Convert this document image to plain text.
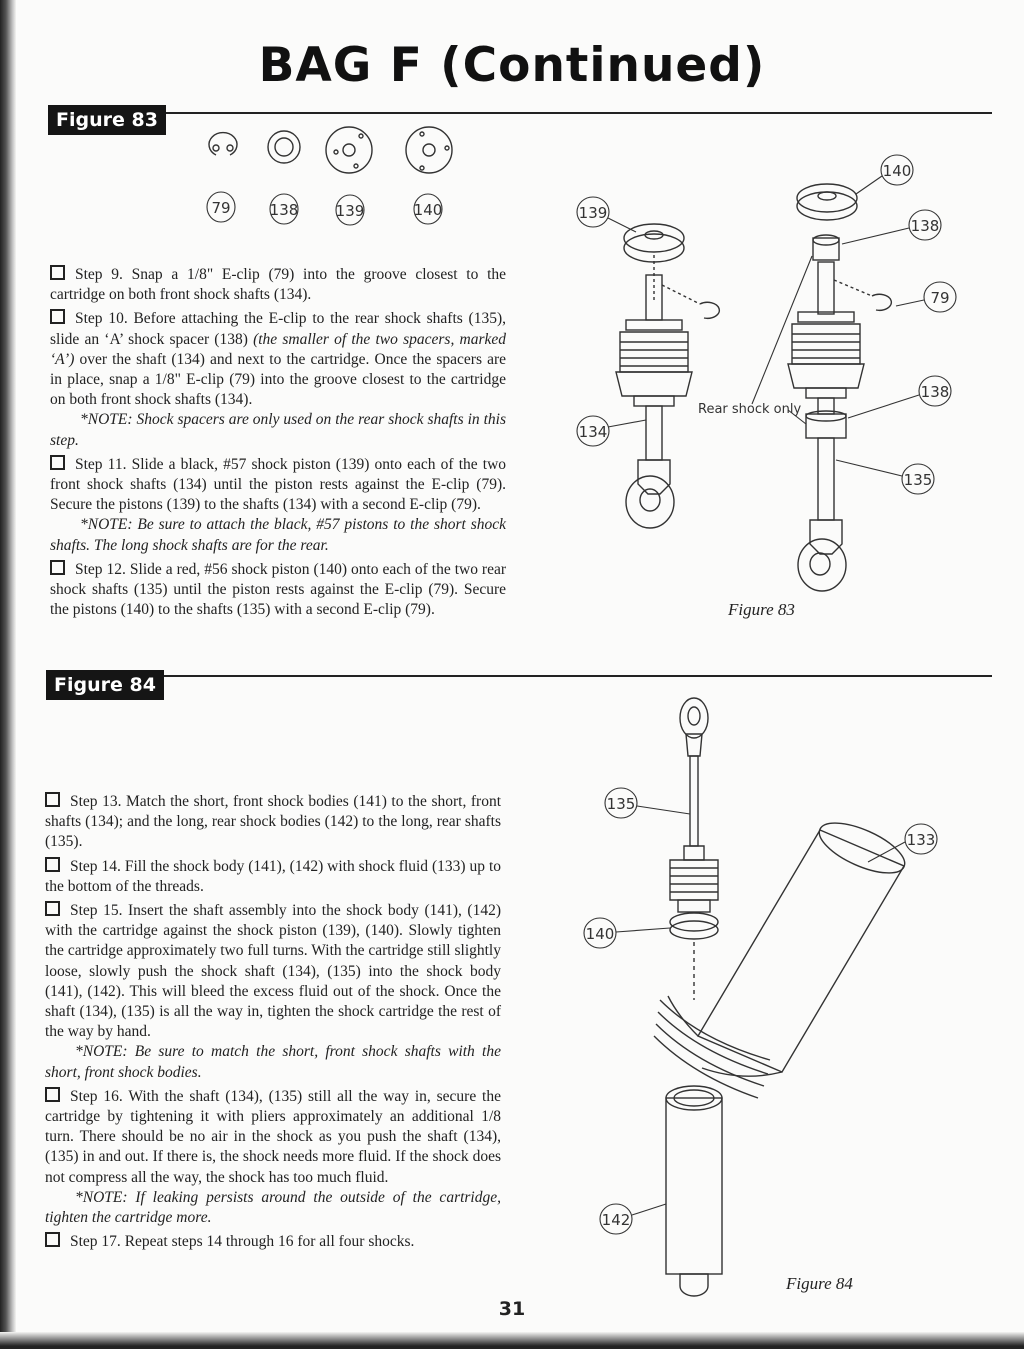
BAG F (Continued)
Figure 83
Figure 84
Step 9. Snap a 1/8" E-clip (79) into the groove closest to the cartridge on both front shock shafts (134).
Step 10. Before attaching the E-clip to the rear shock shafts (135), slide an ‘A’ shock spacer (138) (the smaller of the two spacers, marked ‘A’) over the shaft (134) and next to the cartridge. Once the spacers are in place, snap a 1/8" E-clip (79) into the groove closest to the cartridge on both front shock shafts (134).
*NOTE: Shock spacers are only used on the rear shock shafts in this step.
Step 11. Slide a black, #57 shock piston (139) onto each of the two front shock shafts (134) until the piston rests against the E-clip (79). Secure the pistons (139) to the shafts (134) with a second E-clip (79).
*NOTE: Be sure to attach the black, #57 pistons to the short shock shafts. The long shock shafts are for the rear.
Step 12. Slide a red, #56 shock piston (140) onto each of the two rear shock shafts (135) until the piston rests against the E-clip (79). Secure the pistons (140) to the shafts (135) with a second E-clip (79).
Step 13. Match the short, front shock bodies (141) to the short, front shafts (134); and the long, rear shock bodies (142) to the long, rear shafts (135).
Step 14. Fill the shock body (141), (142) with shock fluid (133) up to the bottom of the threads.
Step 15. Insert the shaft assembly into the shock body (141), (142) with the cartridge against the shock piston (139), (140). Slowly tighten the cartridge approximately two full turns. With the cartridge still slightly loose, slowly push the shock shaft (134), (135) into the shock body (141), (142). This will bleed the excess fluid out of the shock. Once the shaft (134), (135) is all the way in, tighten the shock cartridge the rest of the way by hand.
*NOTE: Be sure to match the short, front shock shafts with the short, front shock bodies.
Step 16. With the shaft (134), (135) still all the way in, secure the cartridge by tightening it with pliers approximately an additional 1/8 turn. There should be no air in the shock as you push the shaft (134), (135) in and out. If there is, the shock needs more fluid. If the shock does not compress all the way, the shock has too much fluid.
*NOTE: If leaking persists around the outside of the cartridge, tighten the cartridge more.
Step 17. Repeat steps 14 through 16 for all four shocks.
79	138 139	140
140
139
138
79
138
134
135
Rear shock only
135
133
140
142
Figure 83
Figure 84
31
